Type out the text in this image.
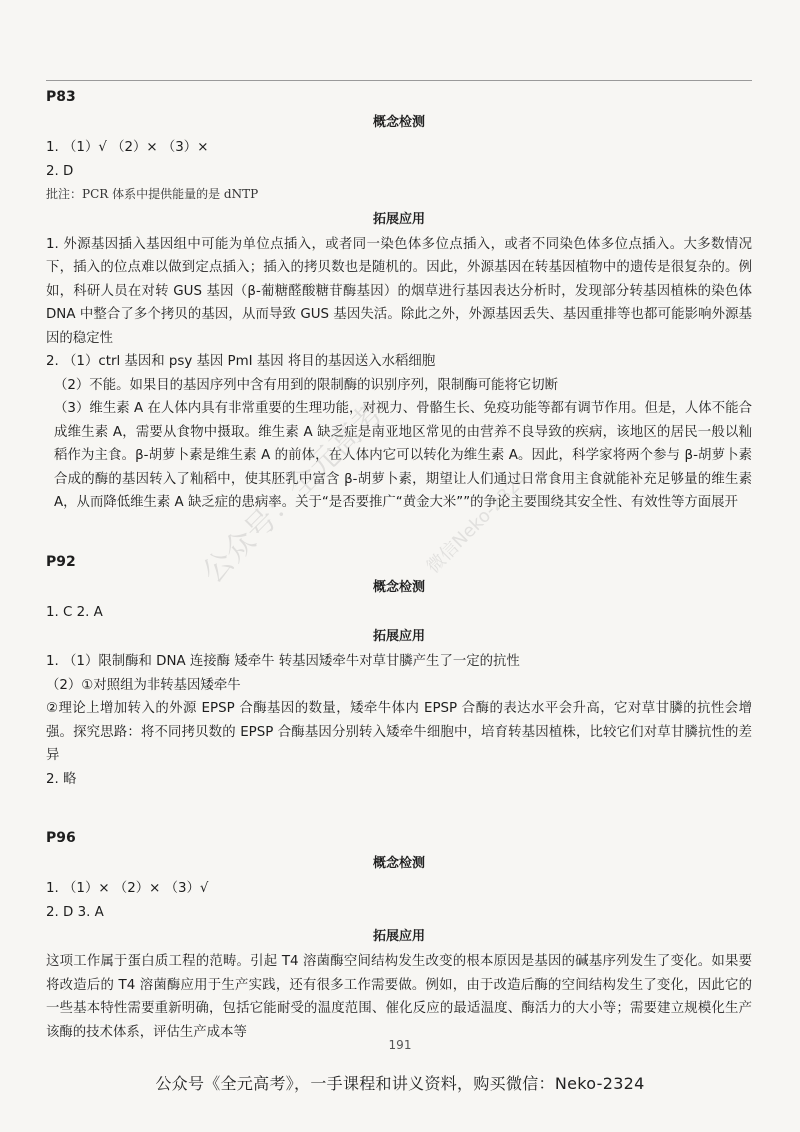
P83

概念检测

1. （1）√ （2）× （3）×

2. D

批注：PCR 体系中提供能量的是 dNTP

拓展应用

1. 外源基因插入基因组中可能为单位点插入，或者同一染色体多位点插入，或者不同染色体多位点插入。大多数情况下，插入的位点难以做到定点插入；插入的拷贝数也是随机的。因此，外源基因在转基因植物中的遗传是很复杂的。例如，科研人员在对转 GUS 基因（β-葡糖醛酸糖苷酶基因）的烟草进行基因表达分析时，发现部分转基因植株的染色体 DNA 中整合了多个拷贝的基因，从而导致 GUS 基因失活。除此之外，外源基因丢失、基因重排等也都可能影响外源基因的稳定性

2. （1）ctrl 基因和 psy 基因 PmI 基因 将目的基因送入水稻细胞

（2）不能。如果目的基因序列中含有用到的限制酶的识别序列，限制酶可能将它切断

（3）维生素 A 在人体内具有非常重要的生理功能，对视力、骨骼生长、免疫功能等都有调节作用。但是，人体不能合成维生素 A，需要从食物中摄取。维生素 A 缺乏症是南亚地区常见的由营养不良导致的疾病，该地区的居民一般以籼稻作为主食。β-胡萝卜素是维生素 A 的前体，在人体内它可以转化为维生素 A。因此，科学家将两个参与 β-胡萝卜素合成的酶的基因转入了籼稻中，使其胚乳中富含 β-胡萝卜素，期望让人们通过日常食用主食就能补充足够量的维生素 A，从而降低维生素 A 缺乏症的患病率。关于“是否要推广“黄金大米””的争论主要围绕其安全性、有效性等方面展开

P92

概念检测

1. C 2. A

拓展应用

1. （1）限制酶和 DNA 连接酶 矮牵牛 转基因矮牵牛对草甘膦产生了一定的抗性

（2）①对照组为非转基因矮牵牛

②理论上增加转入的外源 EPSP 合酶基因的数量，矮牵牛体内 EPSP 合酶的表达水平会升高，它对草甘膦的抗性会增强。探究思路：将不同拷贝数的 EPSP 合酶基因分别转入矮牵牛细胞中，培育转基因植株，比较它们对草甘膦抗性的差异

2. 略

P96

概念检测

1. （1）× （2）× （3）√

2. D 3. A

拓展应用

这项工作属于蛋白质工程的范畴。引起 T4 溶菌酶空间结构发生改变的根本原因是基因的碱基序列发生了变化。如果要将改造后的 T4 溶菌酶应用于生产实践，还有很多工作需要做。例如，由于改造后酶的空间结构发生了变化，因此它的一些基本特性需要重新明确，包括它能耐受的温度范围、催化反应的最适温度、酶活力的大小等；需要建立规模化生产该酶的技术体系，评估生产成本等

公众号：全元高考 微信Neko-2324
191
公众号《全元高考》，一手课程和讲义资料，购买微信：Neko-2324
